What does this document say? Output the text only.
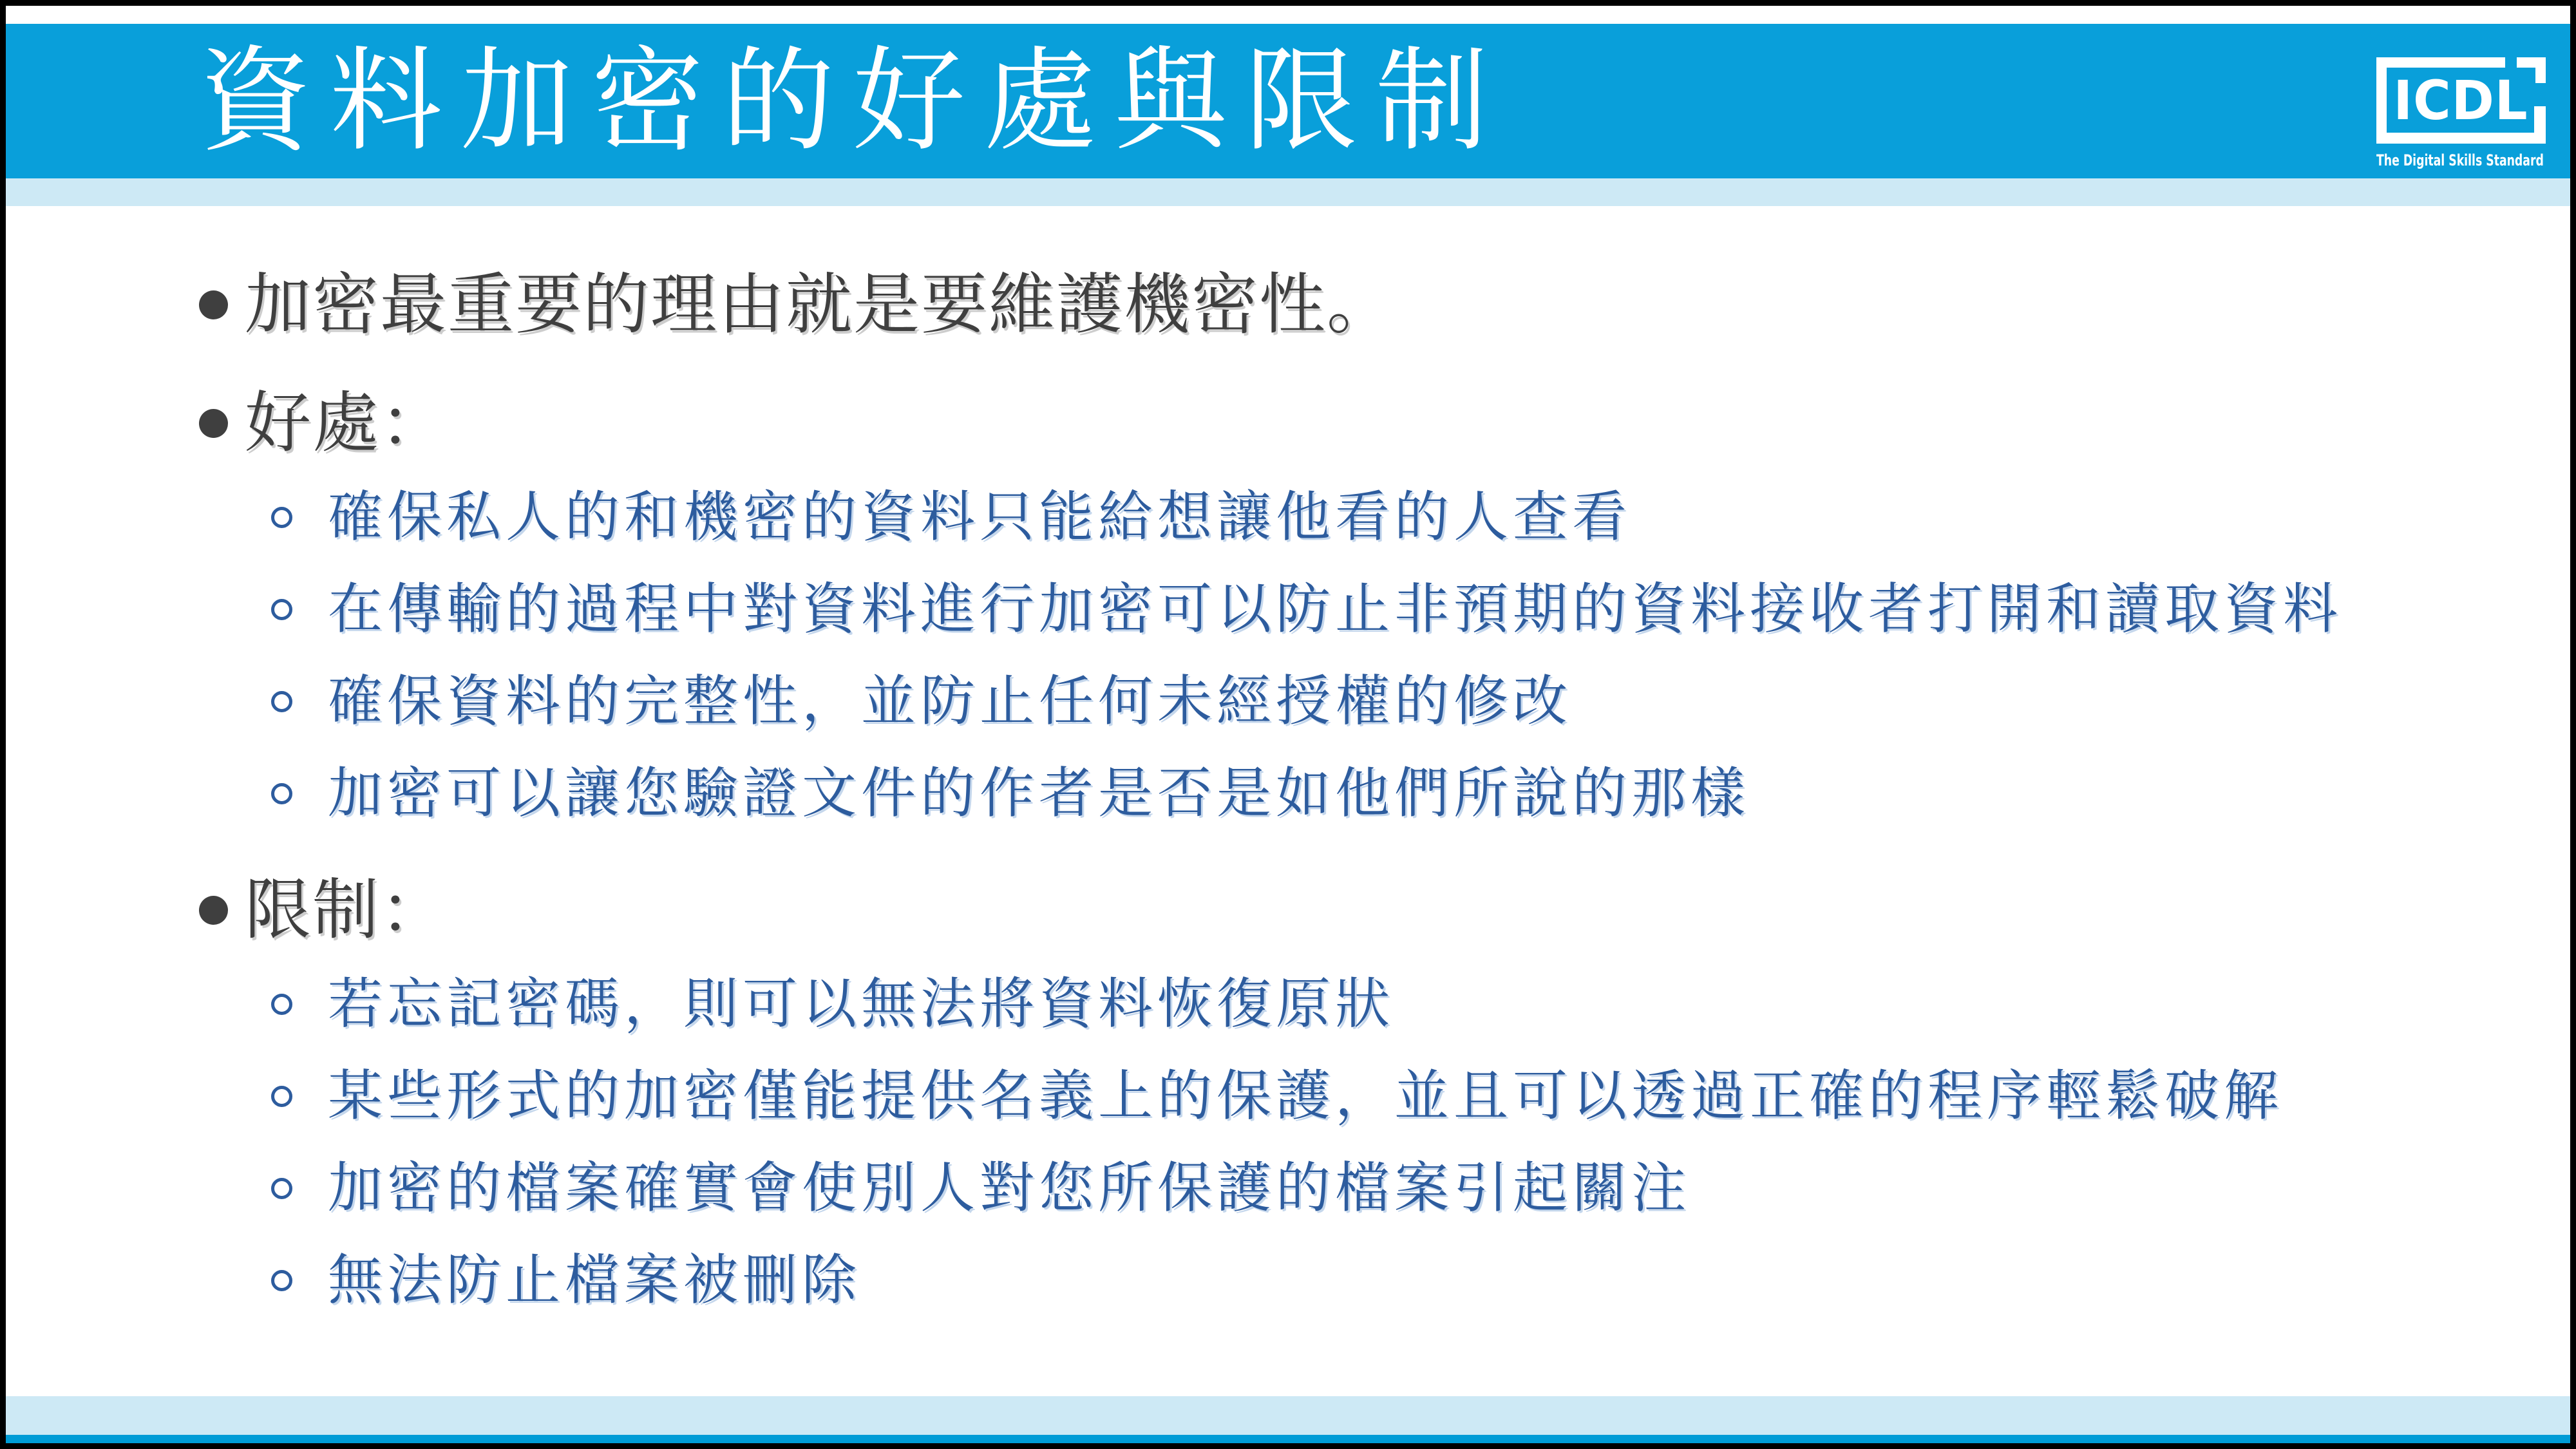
資料加密的好處與限制	ICDL
The Digital Skills Standard
加密最重要的理由就是要維護機密性。
好處：
確保私人的和機密的資料只能給想讓他看的人查看
在傳輸的過程中對資料進行加密可以防止非預期的資料接收者打開和讀取資料
確保資料的完整性，並防止任何未經授權的修改
加密可以讓您驗證文件的作者是否是如他們所說的那樣
限制：
若忘記密碼，則可以無法將資料恢復原狀
某些形式的加密僅能提供名義上的保護，並且可以透過正確的程序輕鬆破解
加密的檔案確實會使別人對您所保護的檔案引起關注
無法防止檔案被刪除
